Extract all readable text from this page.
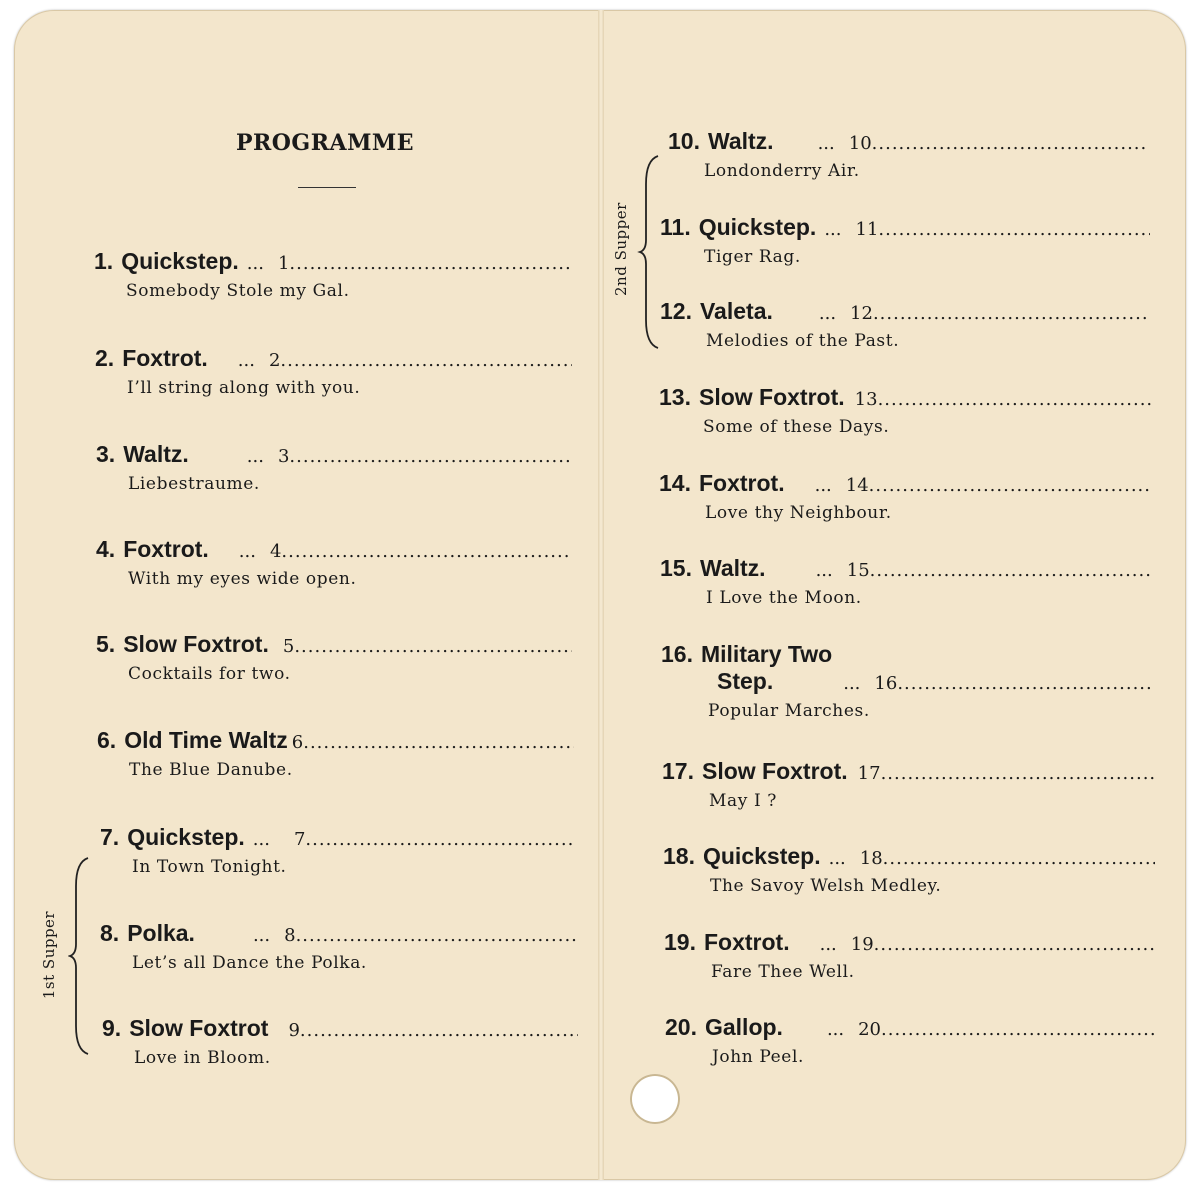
PROGRAMME
1. Quickstep. ... 1 .....
Somebody Stole my Gal.
2. Foxtrot. ... 2 .....
I’ll string along with you.
3. Waltz.	... 3 .....
Liebestraume.
4. Foxtrot. ... 4 .....
With my eyes wide open.
5. Slow Foxtrot. 5 .....
Cocktails for two.
6. Old Time Waltz 6 .....
The Blue Danube.
7. Quickstep. ... 7 .....
In Town Tonight.
8. Polka.	... 8 .....
Let’s all Dance the Polka.
9. Slow Foxtrot 9 .....
Love in Bloom.
1st Supper
10. Waltz. ... 10 .....
Londonderry Air.
11. Quickstep. ... 11 .....
Tiger Rag.
12. Valeta.	... 12 .....
Melodies of the Past.
13. Slow Foxtrot. 13 .....
Some of these Days.
14. Foxtrot. ... 14 .....
Love thy Neighbour.
15. Waltz.	... 15 .....
I Love the Moon.
16. Military Two
Step.	... 16 .....
Popular Marches.
17. Slow Foxtrot. 17 .....
May I ?
18. Quickstep. ... 18 .....
The Savoy Welsh Medley.
19. Foxtrot. ... 19 .....
Fare Thee Well.
20. Gallop. ... 20 .....
John Peel.
2nd Supper
